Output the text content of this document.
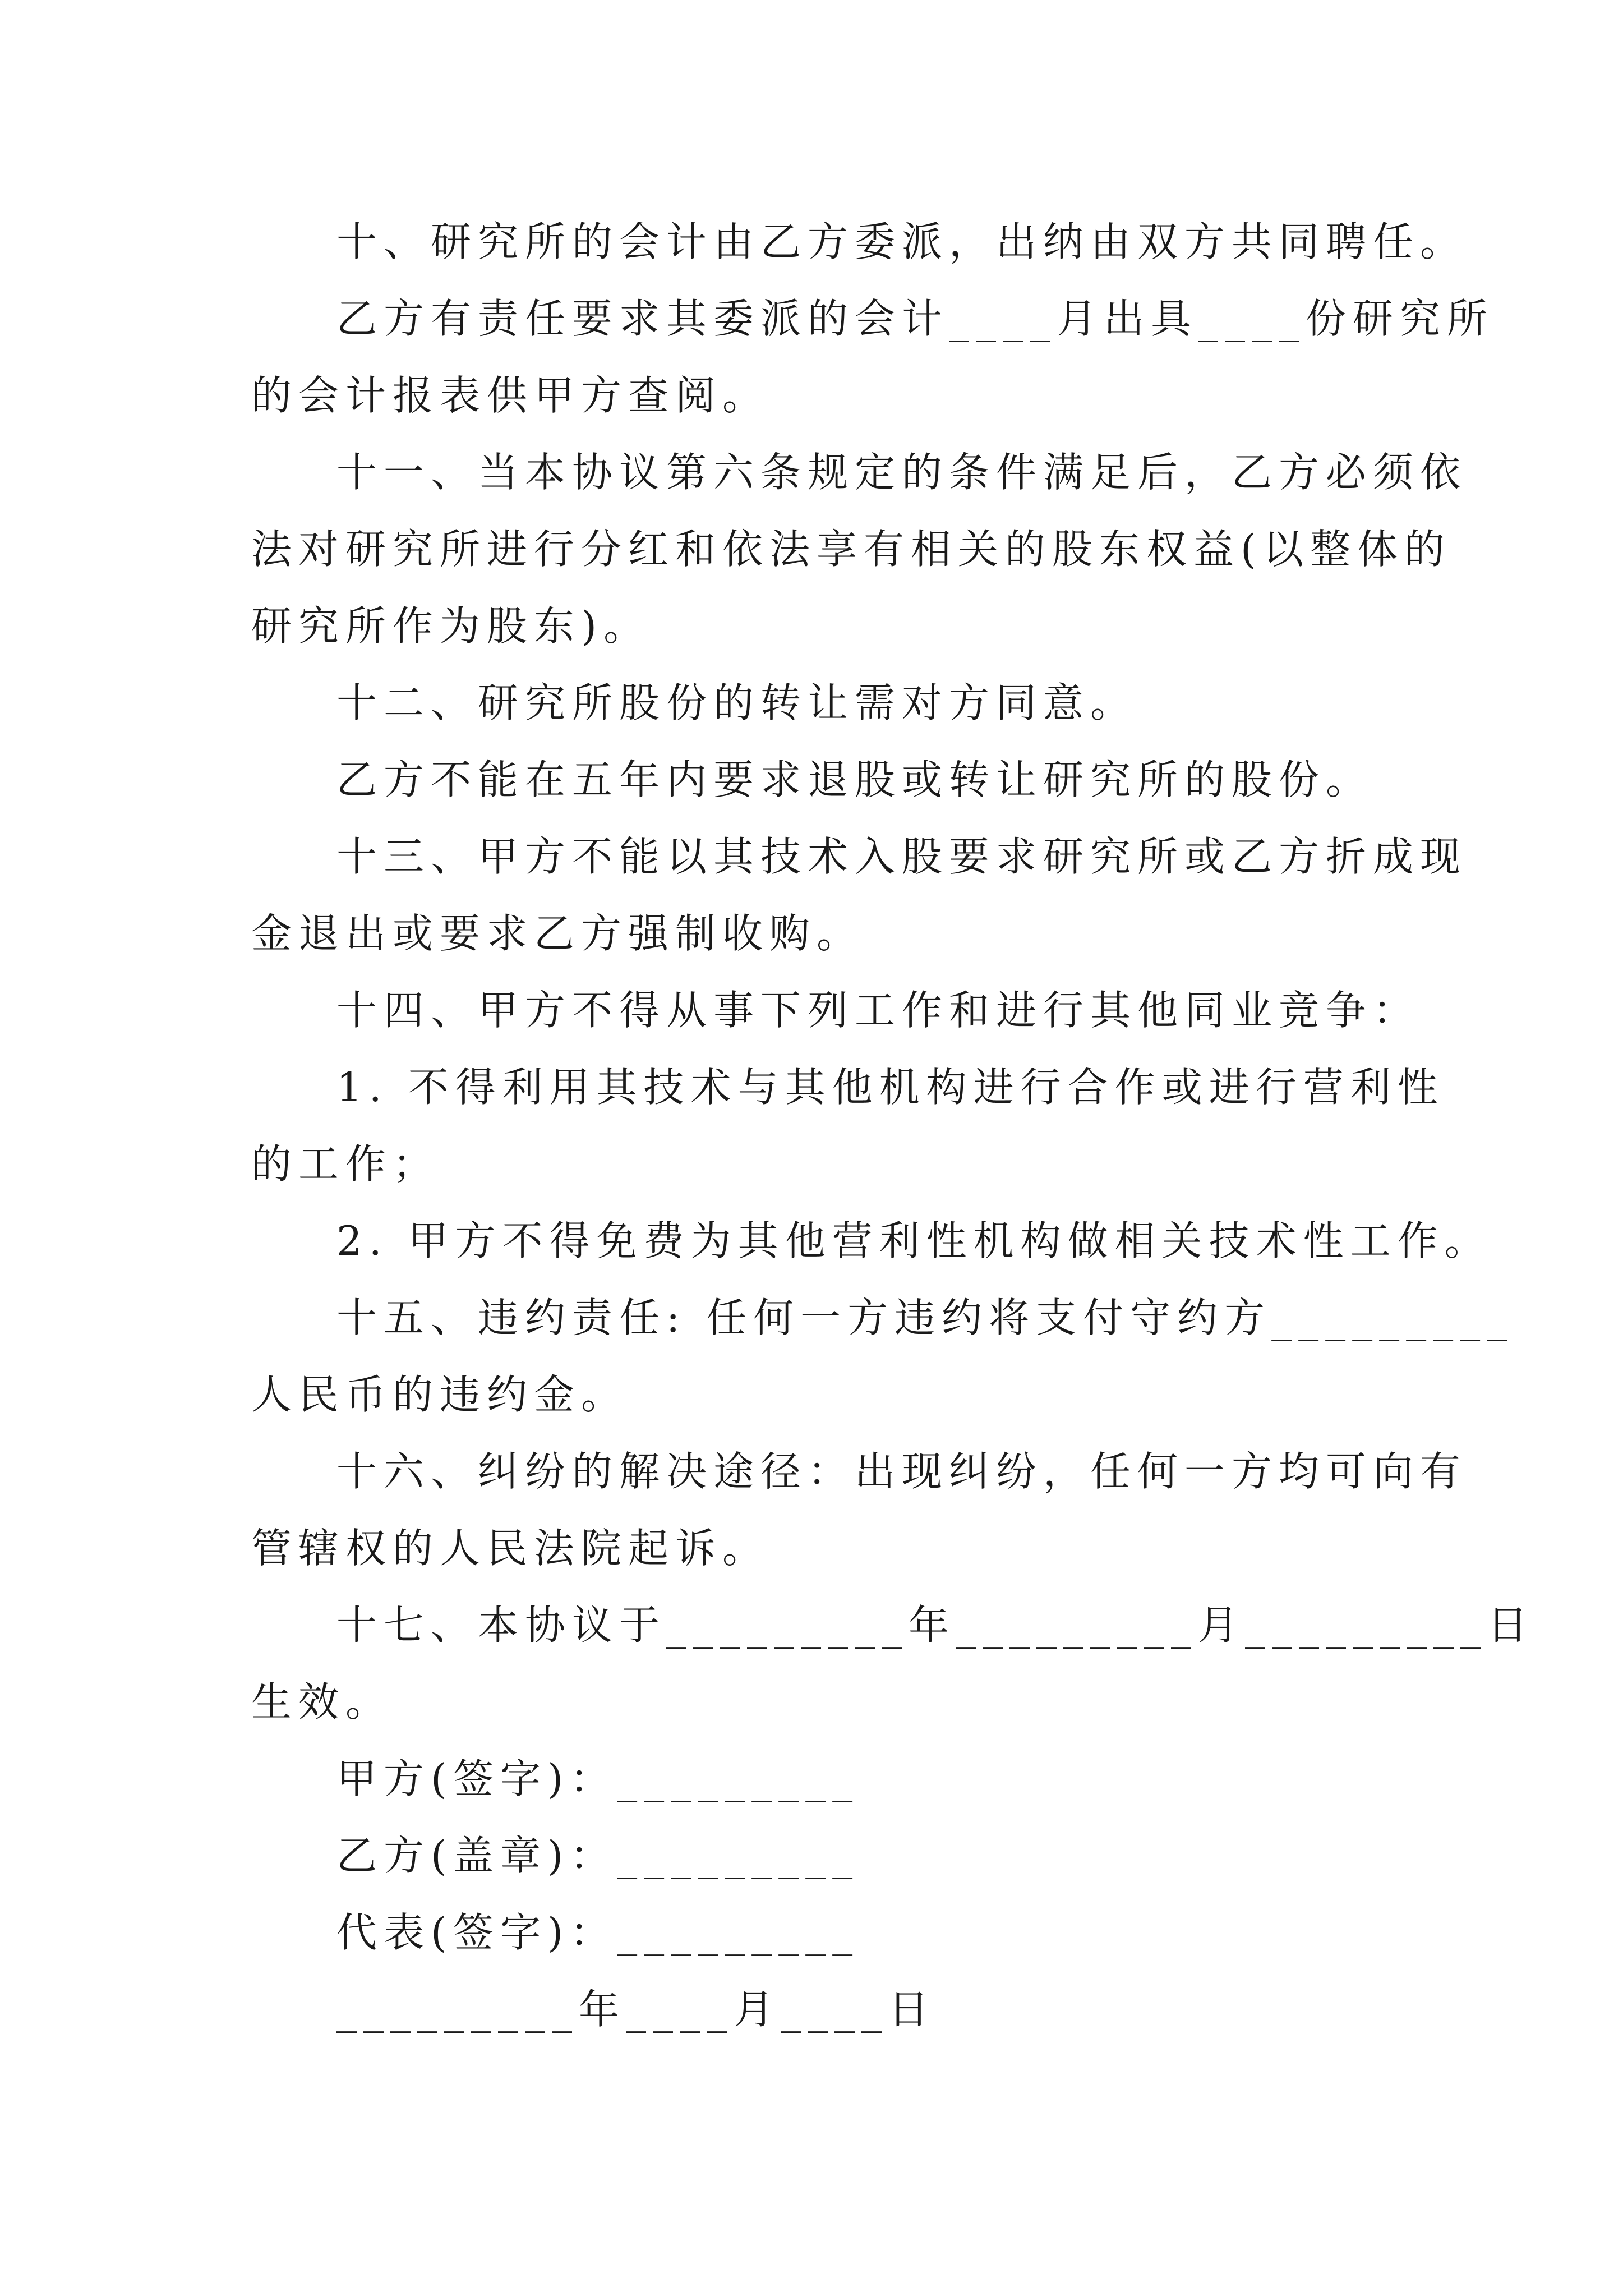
十、研究所的会计由乙方委派，出纳由双方共同聘任。
乙方有责任要求其委派的会计____月出具____份研究所
的会计报表供甲方查阅。
十一、当本协议第六条规定的条件满足后，乙方必须依
法对研究所进行分红和依法享有相关的股东权益(以整体的
研究所作为股东)。
十二、研究所股份的转让需对方同意。
乙方不能在五年内要求退股或转让研究所的股份。
十三、甲方不能以其技术入股要求研究所或乙方折成现
金退出或要求乙方强制收购。
十四、甲方不得从事下列工作和进行其他同业竞争：
1. 不得利用其技术与其他机构进行合作或进行营利性
的工作；
2. 甲方不得免费为其他营利性机构做相关技术性工作。
十五、违约责任: 任何一方违约将支付守约方_________
人民币的违约金。
十六、纠纷的解决途径：出现纠纷，任何一方均可向有
管辖权的人民法院起诉。
十七、本协议于_________年_________月_________日
生效。
甲方(签字)：_________
乙方(盖章)：_________
代表(签字)：_________
_________年____月____日
